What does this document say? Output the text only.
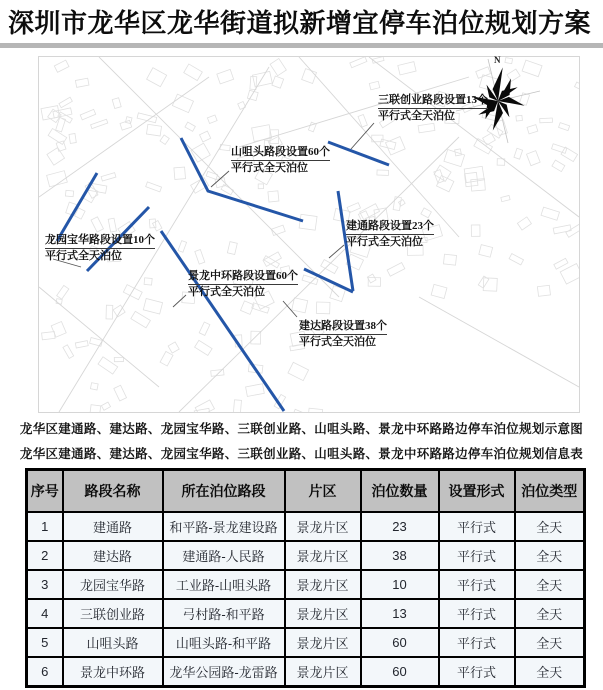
深圳市龙华区龙华街道拟新增宜停车泊位规划方案
N
三联创业路段设置13个
平行式全天泊位
山咀头路段设置60个
平行式全天泊位
建通路段设置23个
平行式全天泊位
龙园宝华路段设置10个
平行式全天泊位
景龙中环路段设置60个
平行式全天泊位
建达路段设置38个
平行式全天泊位
龙华区建通路、建达路、龙园宝华路、三联创业路、山咀头路、景龙中环路路边停车泊位规划示意图
龙华区建通路、建达路、龙园宝华路、三联创业路、山咀头路、景龙中环路路边停车泊位规划信息表
序号	路段名称	所在泊位路段	片区	泊位数量	设置形式	泊位类型
1	建通路	和平路-景龙建设路	景龙片区	23	平行式	全天
2	建达路	建通路-人民路	景龙片区	38	平行式	全天
3	龙园宝华路	工业路-山咀头路	景龙片区	10	平行式	全天
4	三联创业路	弓村路-和平路	景龙片区	13	平行式	全天
5	山咀头路	山咀头路-和平路	景龙片区	60	平行式	全天
6	景龙中环路	龙华公园路-龙雷路	景龙片区	60	平行式	全天
